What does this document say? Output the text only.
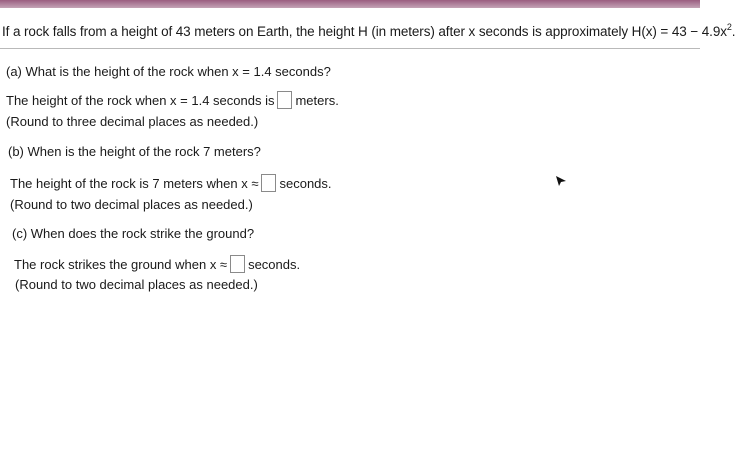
If a rock falls from a height of 43 meters on Earth, the height H (in meters) after x seconds is approximately $H(x) = 43 - 4.9x^2$
(a) What is the height of the rock when x = 1.4 seconds?
The height of the rock when x = 1.4 seconds is meters.
(Round to three decimal places as needed.)
(b) When is the height of the rock 7 meters?
The height of the rock is 7 meters when x ≈ seconds.
(Round to two decimal places as needed.)
(c) When does the rock strike the ground?
The rock strikes the ground when x ≈ seconds.
(Round to two decimal places as needed.)
